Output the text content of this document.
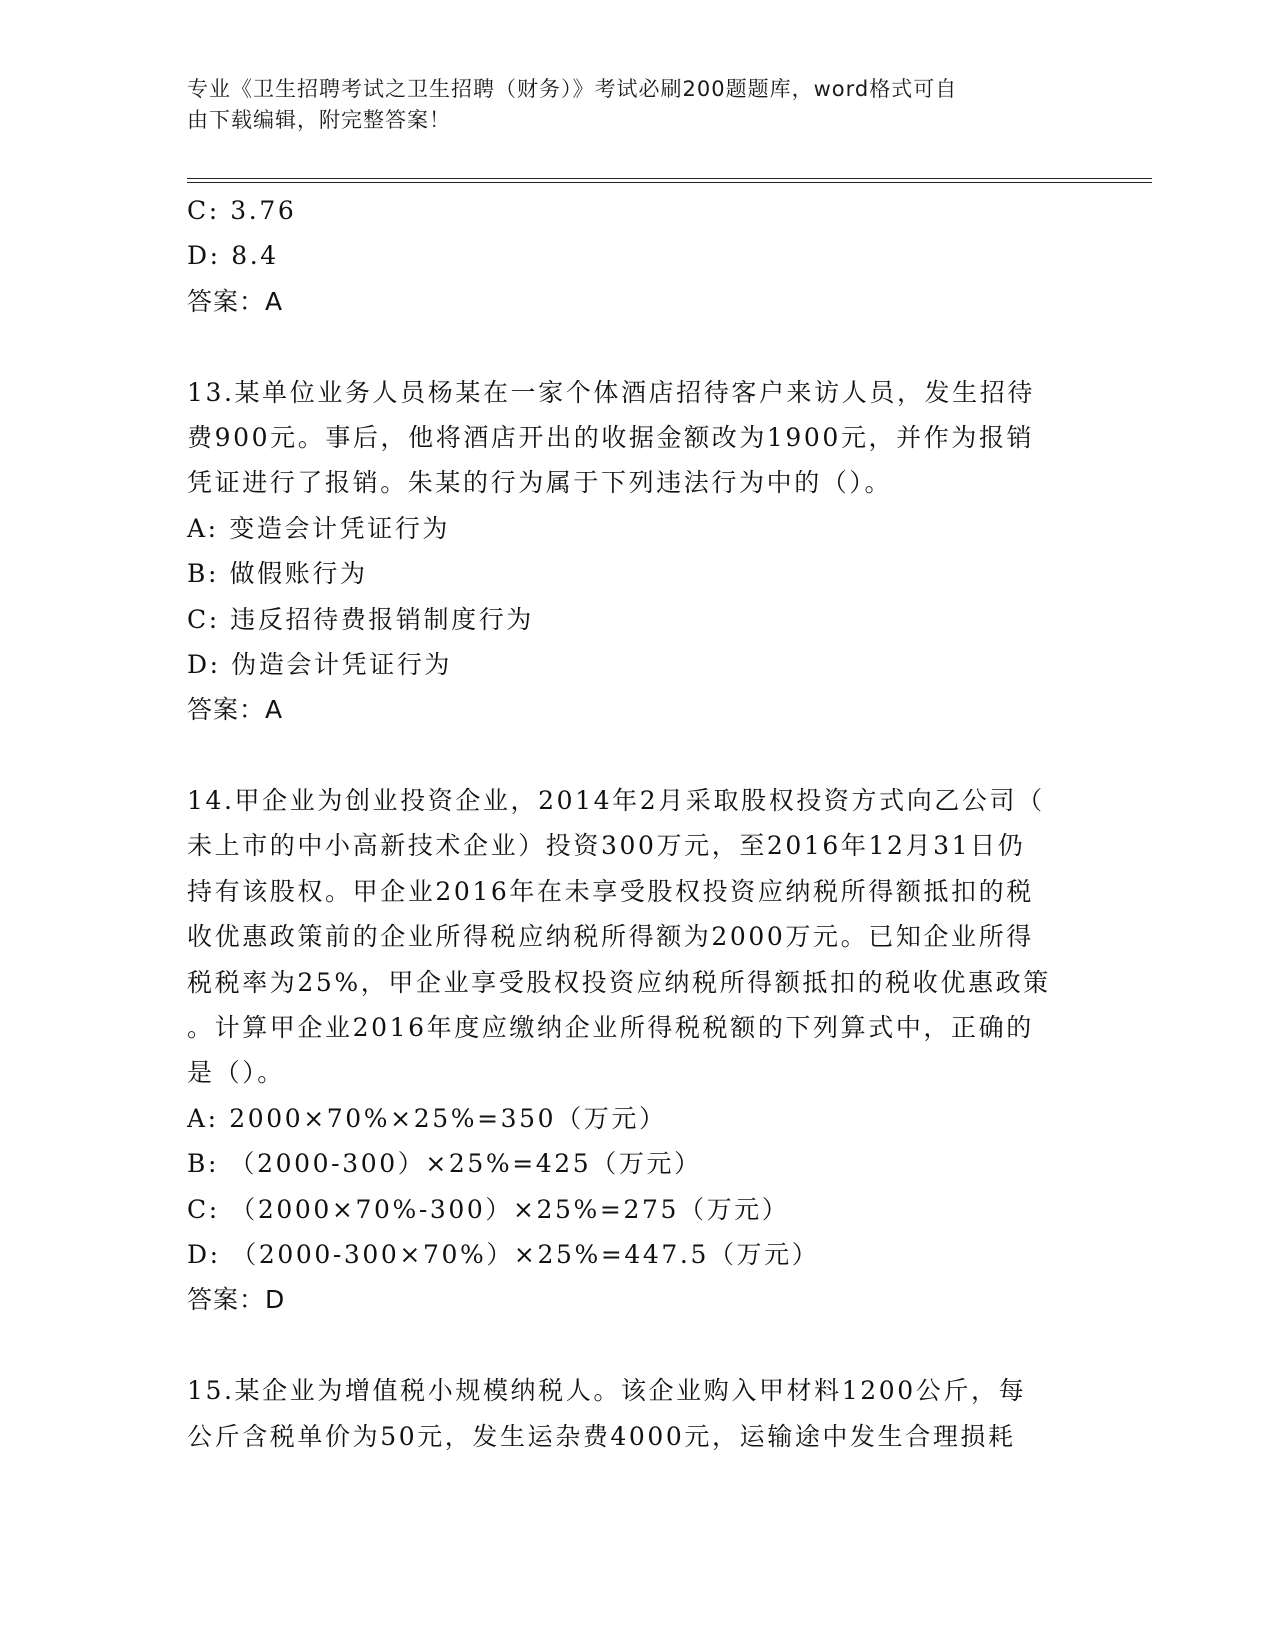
专业《卫生招聘考试之卫生招聘（财务）》考试必刷200题题库，word格式可自
由下载编辑，附完整答案！
C: 3.76
D: 8.4
答案：A
13.某单位业务人员杨某在一家个体酒店招待客户来访人员，发生招待
费900元。事后，他将酒店开出的收据金额改为1900元，并作为报销
凭证进行了报销。朱某的行为属于下列违法行为中的（）。
A: 变造会计凭证行为
B: 做假账行为
C: 违反招待费报销制度行为
D: 伪造会计凭证行为
答案：A
14.甲企业为创业投资企业，2014年2月采取股权投资方式向乙公司（
未上市的中小高新技术企业）投资300万元，至2016年12月31日仍
持有该股权。甲企业2016年在未享受股权投资应纳税所得额抵扣的税
收优惠政策前的企业所得税应纳税所得额为2000万元。已知企业所得
税税率为25%，甲企业享受股权投资应纳税所得额抵扣的税收优惠政策
。计算甲企业2016年度应缴纳企业所得税税额的下列算式中，正确的
是（）。
A: 2000×70%×25%=350（万元）
B: （2000-300）×25%=425（万元）
C: （2000×70%-300）×25%=275（万元）
D: （2000-300×70%）×25%=447.5（万元）
答案：D
15.某企业为增值税小规模纳税人。该企业购入甲材料1200公斤，每
公斤含税单价为50元，发生运杂费4000元，运输途中发生合理损耗
